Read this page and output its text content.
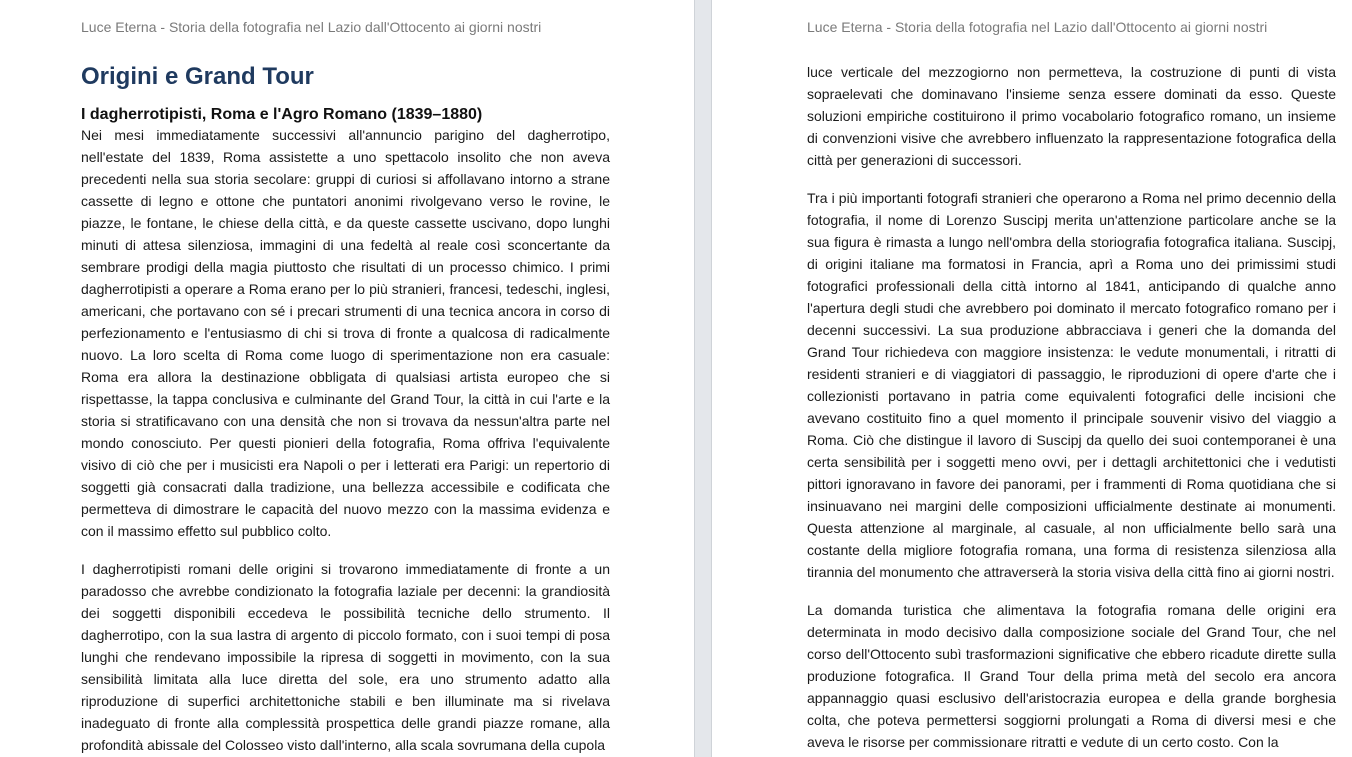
Luce Eterna - Storia della fotografia nel Lazio dall'Ottocento ai giorni nostri
Origini e Grand Tour
I dagherrotipisti, Roma e l'Agro Romano (1839–1880)

Nei mesi immediatamente successivi all'annuncio parigino del dagherrotipo, nell'estate del 1839, Roma assistette a uno spettacolo insolito che non aveva precedenti nella sua storia secolare: gruppi di curiosi si affollavano intorno a strane cassette di legno e ottone che puntatori anonimi rivolgevano verso le rovine, le piazze, le fontane, le chiese della città, e da queste cassette uscivano, dopo lunghi minuti di attesa silenziosa, immagini di una fedeltà al reale così sconcertante da sembrare prodigi della magia piuttosto che risultati di un processo chimico. I primi dagherrotipisti a operare a Roma erano per lo più stranieri, francesi, tedeschi, inglesi, americani, che portavano con sé i precari strumenti di una tecnica ancora in corso di perfezionamento e l'entusiasmo di chi si trova di fronte a qualcosa di radicalmente nuovo. La loro scelta di Roma come luogo di sperimentazione non era casuale: Roma era allora la destinazione obbligata di qualsiasi artista europeo che si rispettasse, la tappa conclusiva e culminante del Grand Tour, la città in cui l'arte e la storia si stratificavano con una densità che non si trovava da nessun'altra parte nel mondo conosciuto. Per questi pionieri della fotografia, Roma offriva l'equivalente visivo di ciò che per i musicisti era Napoli o per i letterati era Parigi: un repertorio di soggetti già consacrati dalla tradizione, una bellezza accessibile e codificata che permetteva di dimostrare le capacità del nuovo mezzo con la massima evidenza e con il massimo effetto sul pubblico colto.

I dagherrotipisti romani delle origini si trovarono immediatamente di fronte a un paradosso che avrebbe condizionato la fotografia laziale per decenni: la grandiosità dei soggetti disponibili eccedeva le possibilità tecniche dello strumento. Il dagherrotipo, con la sua lastra di argento di piccolo formato, con i suoi tempi di posa lunghi che rendevano impossibile la ripresa di soggetti in movimento, con la sua sensibilità limitata alla luce diretta del sole, era uno strumento adatto alla riproduzione di superfici architettoniche stabili e ben illuminate ma si rivelava inadeguato di fronte alla complessità prospettica delle grandi piazze romane, alla profondità abissale del Colosseo visto dall'interno, alla scala sovrumana della cupola

Luce Eterna - Storia della fotografia nel Lazio dall'Ottocento ai giorni nostri

luce verticale del mezzogiorno non permetteva, la costruzione di punti di vista sopraelevati che dominavano l'insieme senza essere dominati da esso. Queste soluzioni empiriche costituirono il primo vocabolario fotografico romano, un insieme di convenzioni visive che avrebbero influenzato la rappresentazione fotografica della città per generazioni di successori.

Tra i più importanti fotografi stranieri che operarono a Roma nel primo decennio della fotografia, il nome di Lorenzo Suscipj merita un'attenzione particolare anche se la sua figura è rimasta a lungo nell'ombra della storiografia fotografica italiana. Suscipj, di origini italiane ma formatosi in Francia, aprì a Roma uno dei primissimi studi fotografici professionali della città intorno al 1841, anticipando di qualche anno l'apertura degli studi che avrebbero poi dominato il mercato fotografico romano per i decenni successivi. La sua produzione abbracciava i generi che la domanda del Grand Tour richiedeva con maggiore insistenza: le vedute monumentali, i ritratti di residenti stranieri e di viaggiatori di passaggio, le riproduzioni di opere d'arte che i collezionisti portavano in patria come equivalenti fotografici delle incisioni che avevano costituito fino a quel momento il principale souvenir visivo del viaggio a Roma. Ciò che distingue il lavoro di Suscipj da quello dei suoi contemporanei è una certa sensibilità per i soggetti meno ovvi, per i dettagli architettonici che i vedutisti pittori ignoravano in favore dei panorami, per i frammenti di Roma quotidiana che si insinuavano nei margini delle composizioni ufficialmente destinate ai monumenti. Questa attenzione al marginale, al casuale, al non ufficialmente bello sarà una costante della migliore fotografia romana, una forma di resistenza silenziosa alla tirannia del monumento che attraverserà la storia visiva della città fino ai giorni nostri.

La domanda turistica che alimentava la fotografia romana delle origini era determinata in modo decisivo dalla composizione sociale del Grand Tour, che nel corso dell'Ottocento subì trasformazioni significative che ebbero ricadute dirette sulla produzione fotografica. Il Grand Tour della prima metà del secolo era ancora appannaggio quasi esclusivo dell'aristocrazia europea e della grande borghesia colta, che poteva permettersi soggiorni prolungati a Roma di diversi mesi e che aveva le risorse per commissionare ritratti e vedute di un certo costo. Con la
